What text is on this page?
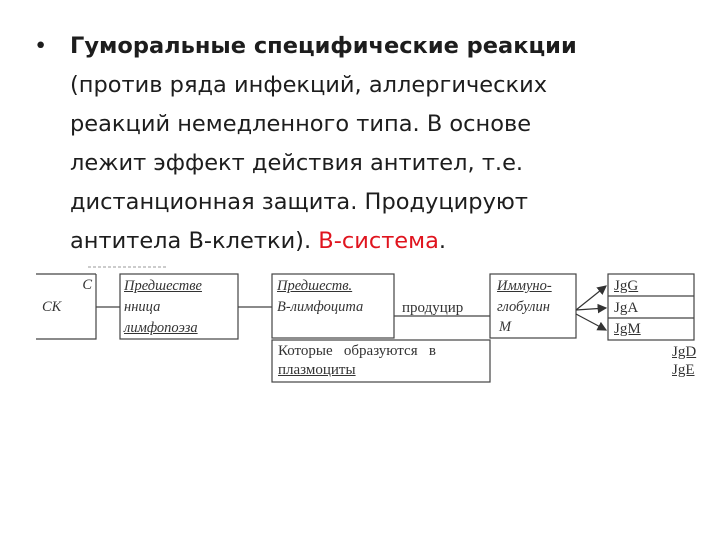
• Гуморальные специфические реакции
(против ряда инфекций, аллергических
реакций немедленного типа. В основе
лежит эффект действия антител, т.е.
дистанционная защита. Продуцируют
антитела В-клетки). В-система.
С
СК
Предшестве
нница
лимфопоэза
Предшеств.
В-лимфоцита	продуцир
Иммуно-
глобулин
М
JgG
JgA
JgM
JgD
JgE
Которые   образуются   в
плазмоциты
